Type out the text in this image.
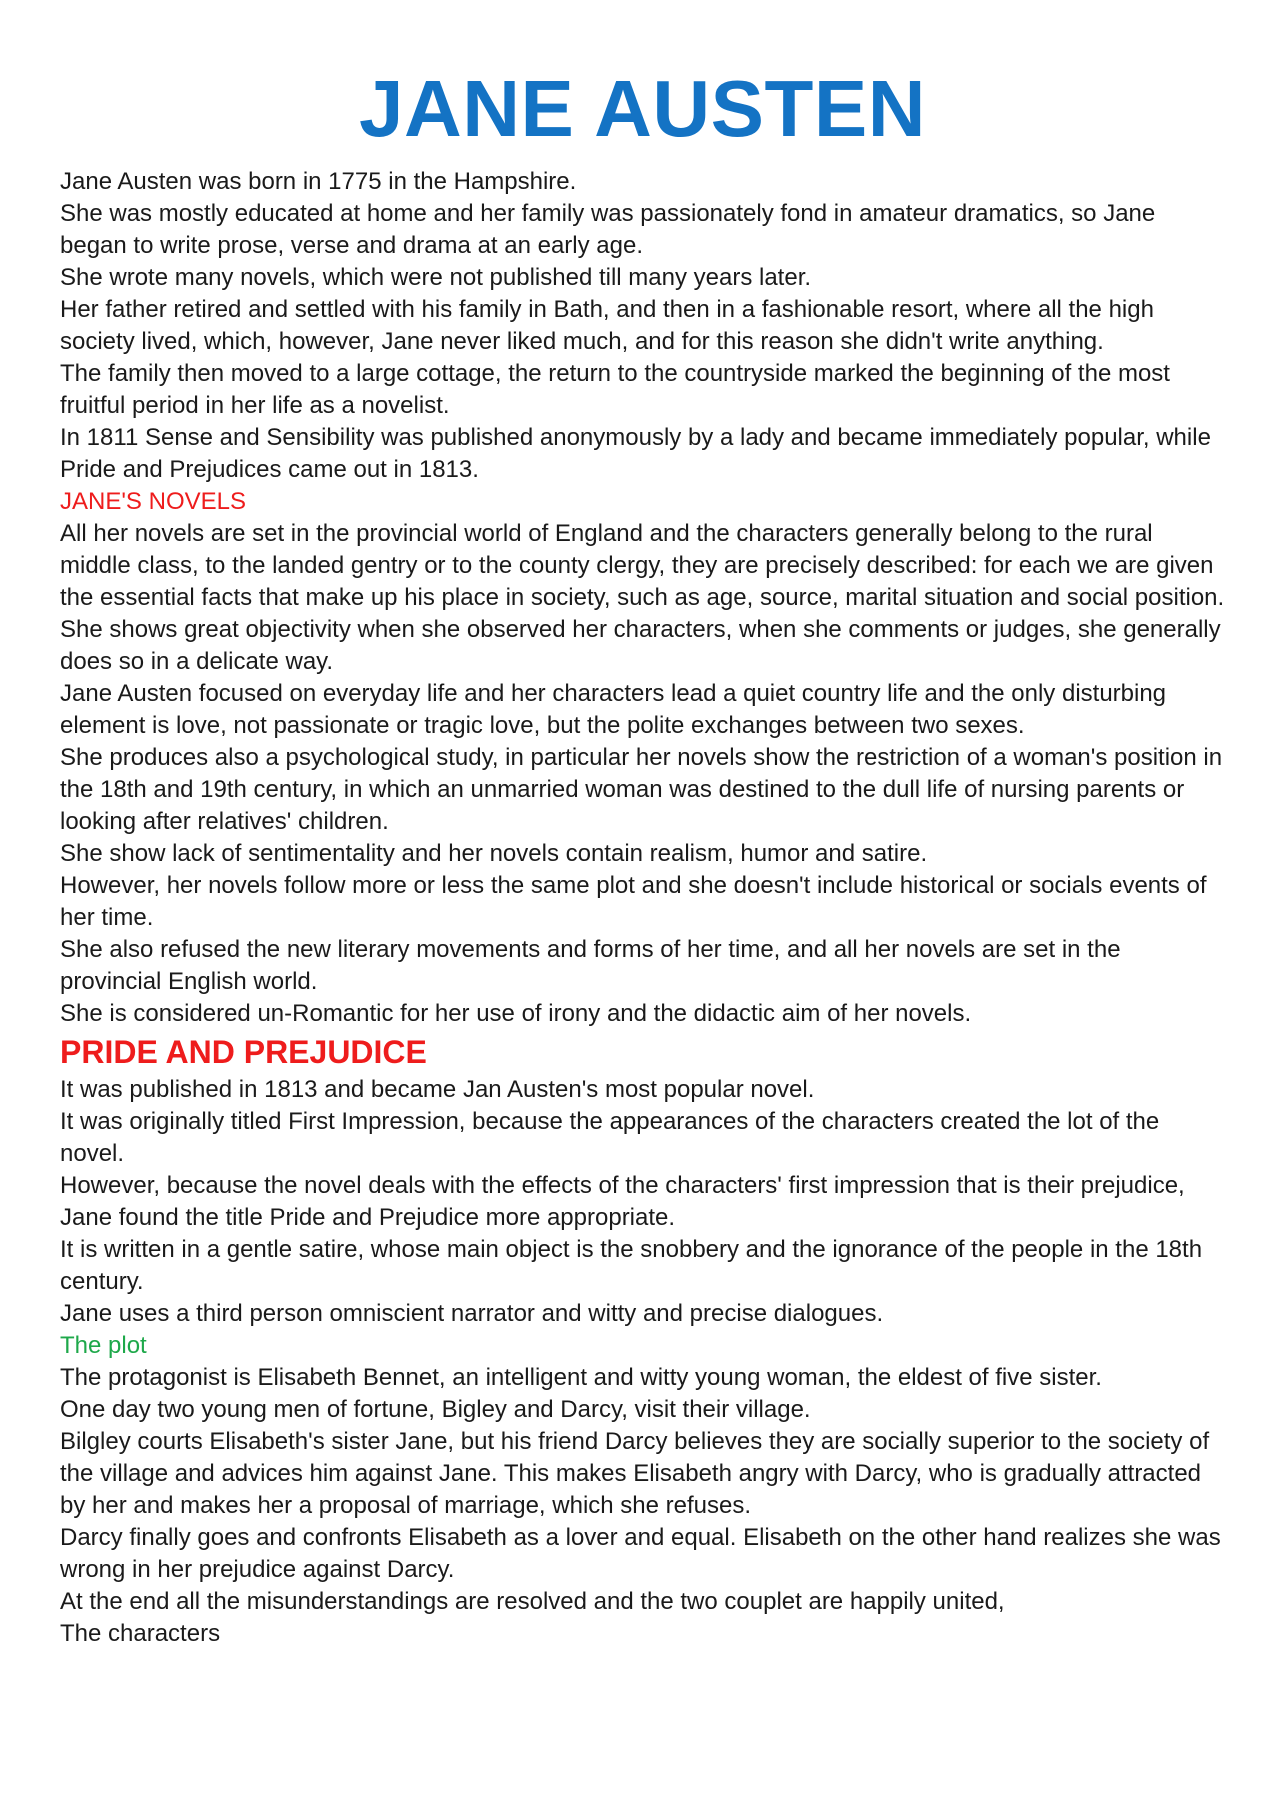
JANE AUSTEN

Jane Austen was born in 1775 in the Hampshire.

She was mostly educated at home and her family was passionately fond in amateur dramatics, so Jane began to write prose, verse and drama at an early age.

She wrote many novels, which were not published till many years later.

Her father retired and settled with his family in Bath, and then in a fashionable resort, where all the high society lived, which, however, Jane never liked much, and for this reason she didn't write anything.

The family then moved to a large cottage, the return to the countryside marked the beginning of the most fruitful period in her life as a novelist.

In 1811 Sense and Sensibility was published anonymously by a lady and became immediately popular, while Pride and Prejudices came out in 1813.

JANE'S NOVELS

All her novels are set in the provincial world of England and the characters generally belong to the rural middle class, to the landed gentry or to the county clergy, they are precisely described: for each we are given the essential facts that make up his place in society, such as age, source, marital situation and social position.

She shows great objectivity when she observed her characters, when she comments or judges, she generally does so in a delicate way.

Jane Austen focused on everyday life and her characters lead a quiet country life and the only disturbing element is love, not passionate or tragic love, but the polite exchanges between two sexes.

She produces also a psychological study, in particular her novels show the restriction of a woman's position in the 18th and 19th century, in which an unmarried woman was destined to the dull life of nursing parents or looking after relatives' children.

She show lack of sentimentality and her novels contain realism, humor and satire.

However, her novels follow more or less the same plot and she doesn't include historical or socials events of her time.

She also refused the new literary movements and forms of her time, and all her novels are set in the provincial English world.

She is considered un-Romantic for her use of irony and the didactic aim of her novels.

PRIDE AND PREJUDICE

It was published in 1813 and became Jan Austen's most popular novel.

It was originally titled First Impression, because the appearances of the characters created the lot of the novel.

However, because the novel deals with the effects of the characters' first impression that is their prejudice, Jane found the title Pride and Prejudice more appropriate.

It is written in a gentle satire, whose main object is the snobbery and the ignorance of the people in the 18th century.

Jane uses a third person omniscient narrator and witty and precise dialogues.

The plot

The protagonist is Elisabeth Bennet, an intelligent and witty young woman, the eldest of five sister.

One day two young men of fortune, Bigley and Darcy, visit their village.

Bilgley courts Elisabeth's sister Jane, but his friend Darcy believes they are socially superior to the society of the village and advices him against Jane. This makes Elisabeth angry with Darcy, who is gradually attracted by her and makes her a proposal of marriage, which she refuses.

Darcy finally goes and confronts Elisabeth as a lover and equal. Elisabeth on the other hand realizes she was wrong in her prejudice against Darcy.

At the end all the misunderstandings are resolved and the two couplet are happily united,

The characters
